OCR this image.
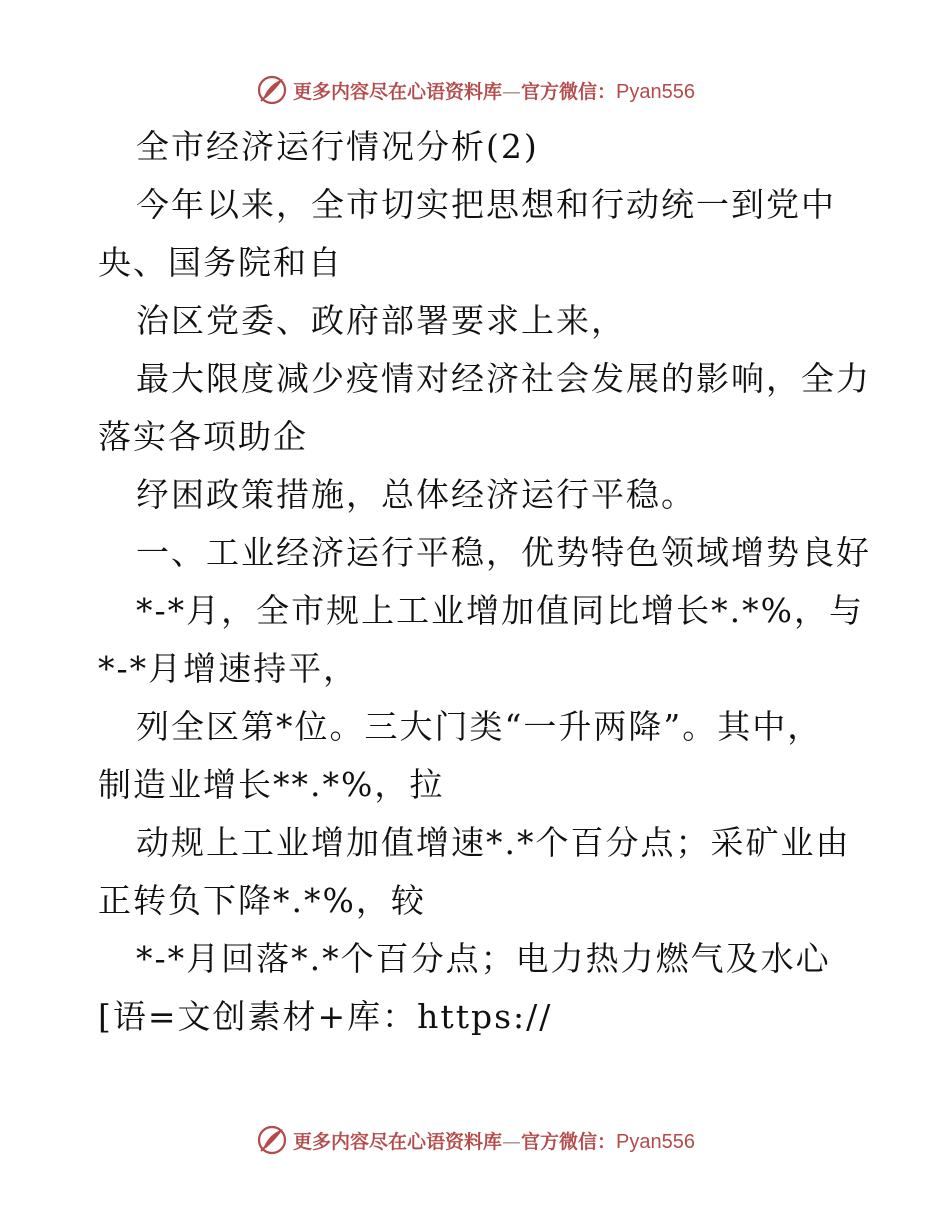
更多内容尽在心语资料库—官方微信：Pyan556
全市经济运行情况分析(2)
今年以来，全市切实把思想和行动统一到党中
央、国务院和自
治区党委、政府部署要求上来，
最大限度减少疫情对经济社会发展的影响，全力
落实各项助企
纾困政策措施，总体经济运行平稳。
一、工业经济运行平稳，优势特色领域增势良好
*-*月，全市规上工业增加值同比增长*.*%，与
*-*月增速持平，
列全区第*位。三大门类“一升两降”。其中，
制造业增长**.*%，拉
动规上工业增加值增速*.*个百分点；采矿业由
正转负下降*.*%，较
*-*月回落*.*个百分点；电力热力燃气及水心
[语=文创素材+库：https://
更多内容尽在心语资料库—官方微信：Pyan556
